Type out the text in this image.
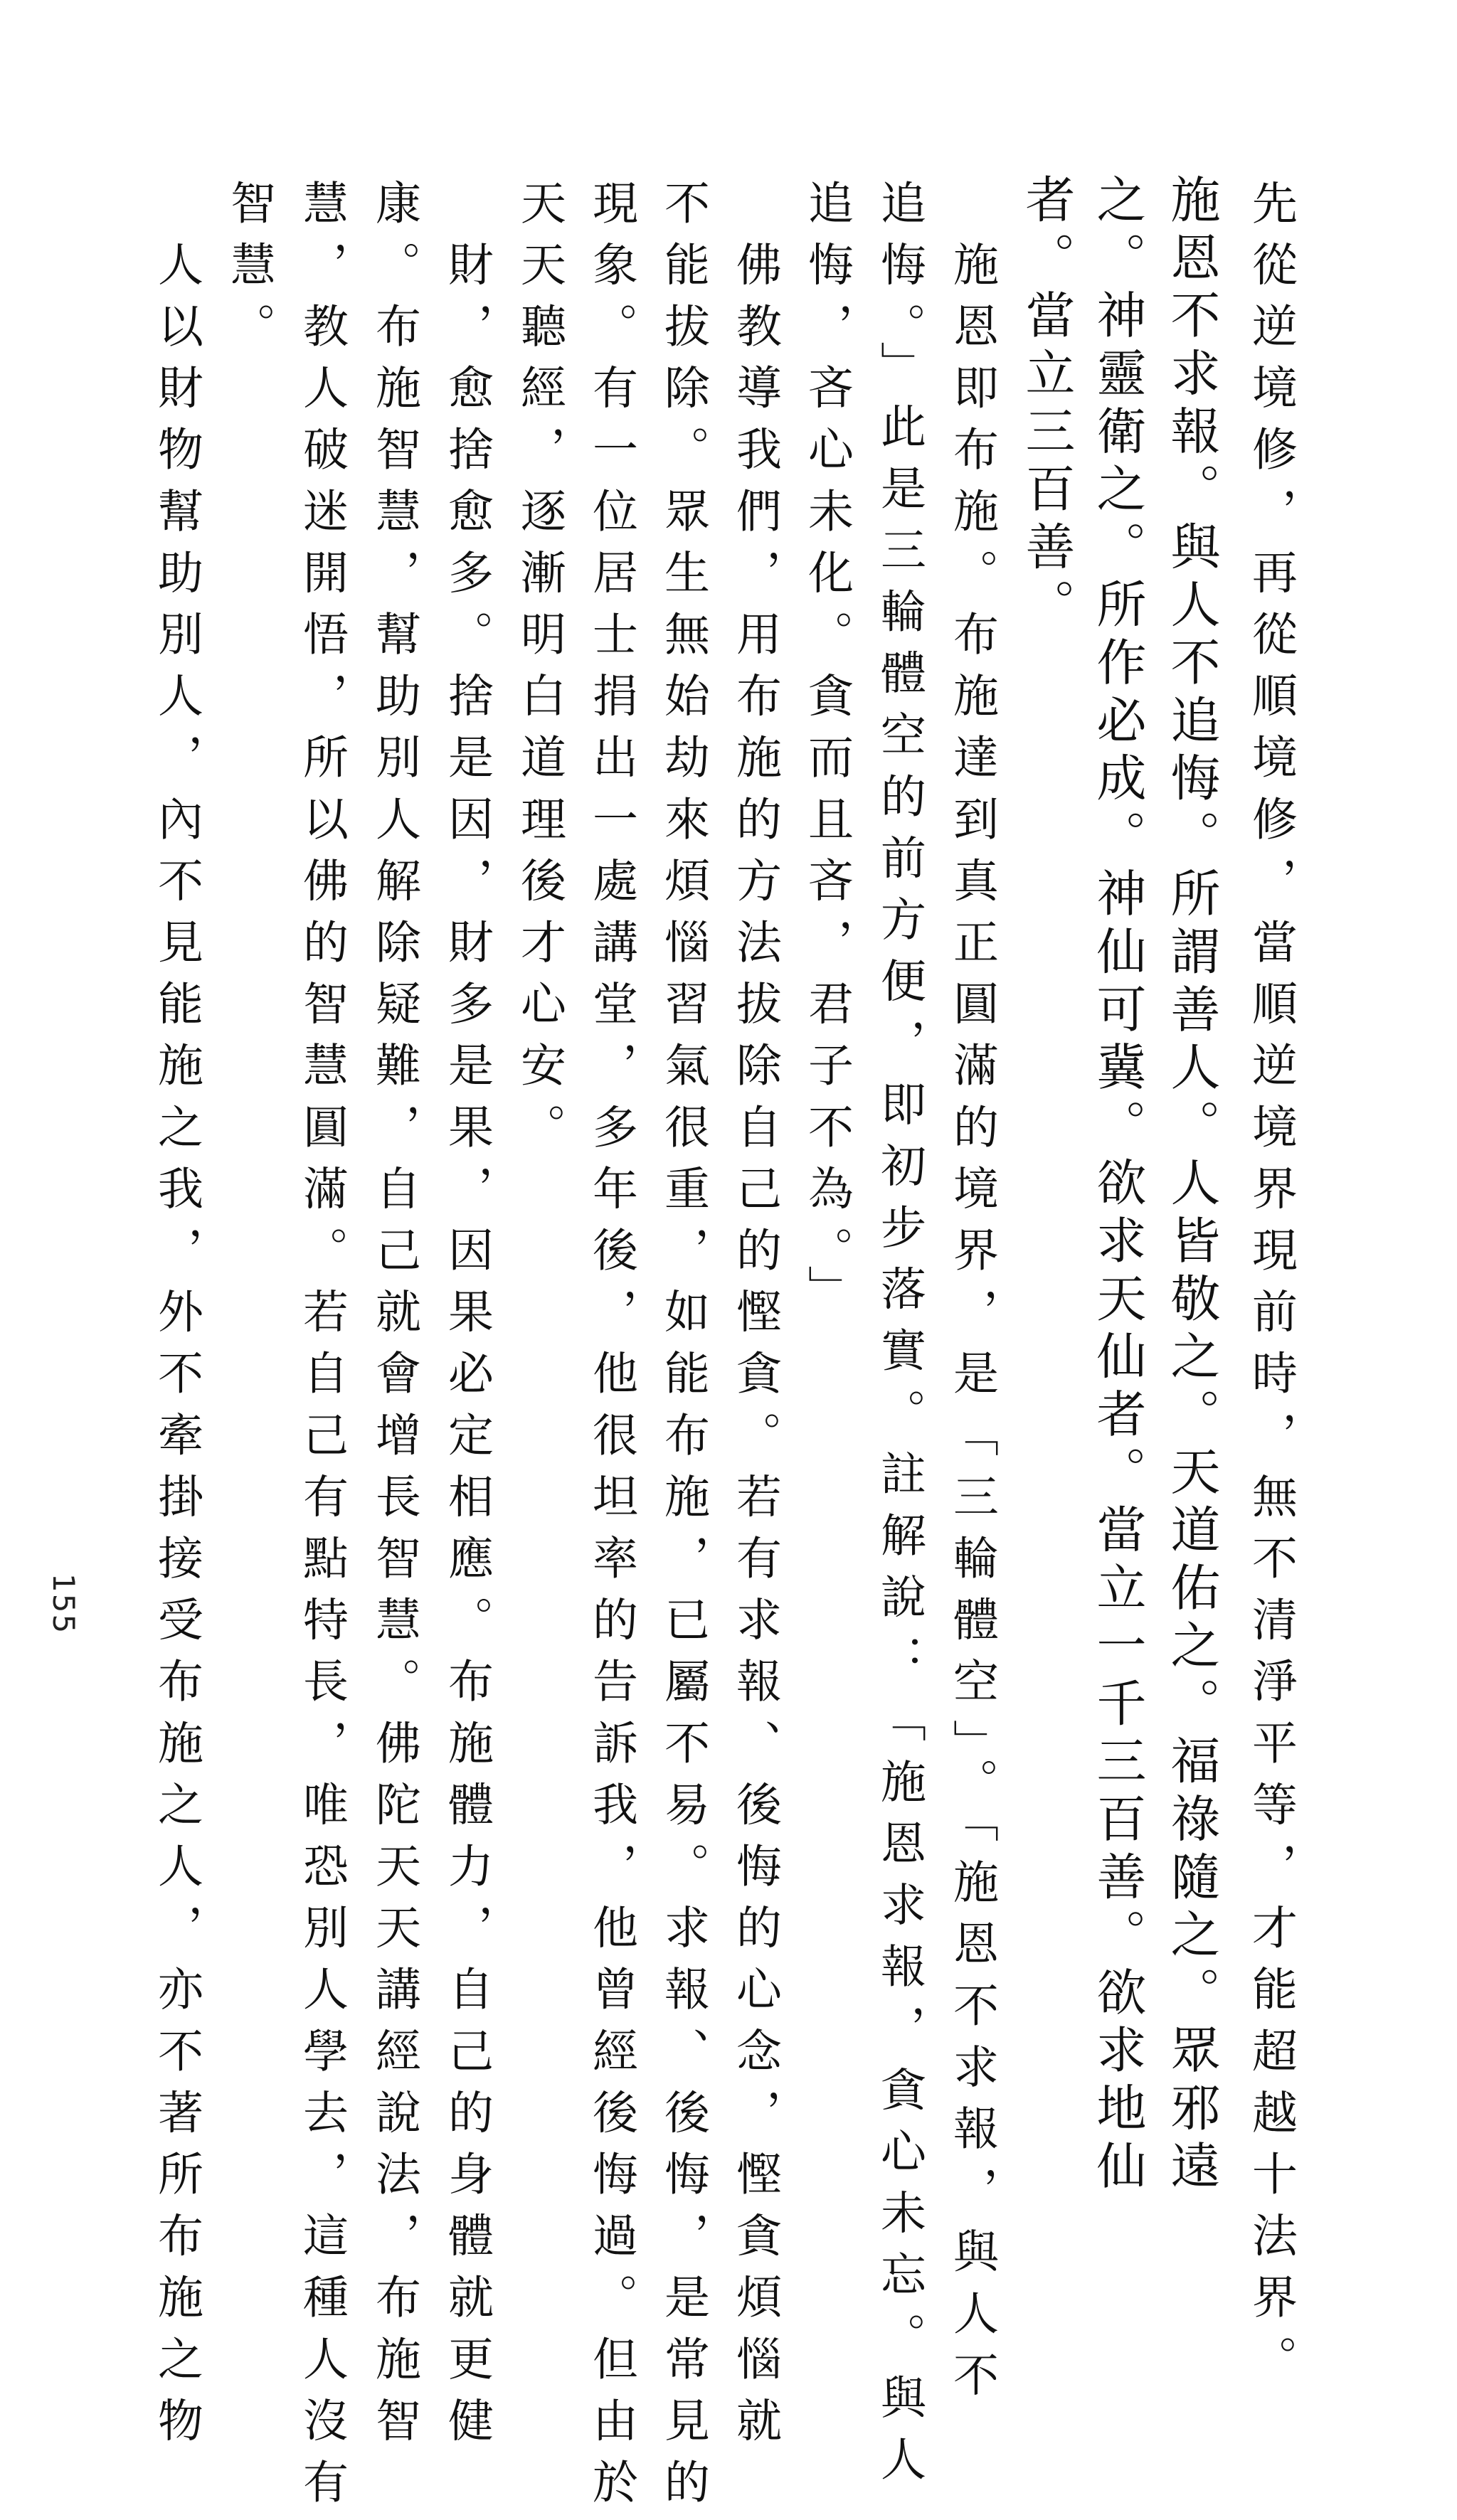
先從逆境修，再從順境修，當順逆境界現前時，無不清淨平等，才能超越十法界。
施恩不求報。與人不追悔。所謂善人。人皆敬之。天道佑之。福祿隨之。眾邪遠
之。神靈衛之。所作必成。神仙可冀。欲求天仙者。當立一千三百善。欲求地仙
者。當立三百善。
　施恩即布施。布施達到真正圓滿的境界，是「三輪體空」。「施恩不求報，與人不
追悔。」此是三輪體空的前方便，即初步落實。註解說：「施恩求報，貪心未忘。與人
追悔，吝心未化。貪而且吝，君子不為。」
　佛教導我們，用布施的方法拔除自己的慳貪。若有求報、後悔的心念，慳貪煩惱就
不能拔除。眾生無始劫來煩惱習氣很重，如能布施，已屬不易。求報、後悔，是常見的
現象。有一位居士捐出一處講堂，多年後，他很坦率的告訴我，他曾經後悔過。但由於
天天聽經，逐漸明白道理後才心安。
　財，愈捨愈多。捨是因，財多是果，因果必定相應。布施體力，自己的身體就更健
康。布施智慧，幫助別人解除疑難，自己就會增長智慧。佛陀天天講經說法，布施智
慧，教人破迷開悟，所以佛的智慧圓滿。若自己有點特長，唯恐別人學去，這種人沒有
智慧。
　人以財物幫助別人，內不見能施之我，外不牽掛接受布施之人，亦不著所布施之物
155
